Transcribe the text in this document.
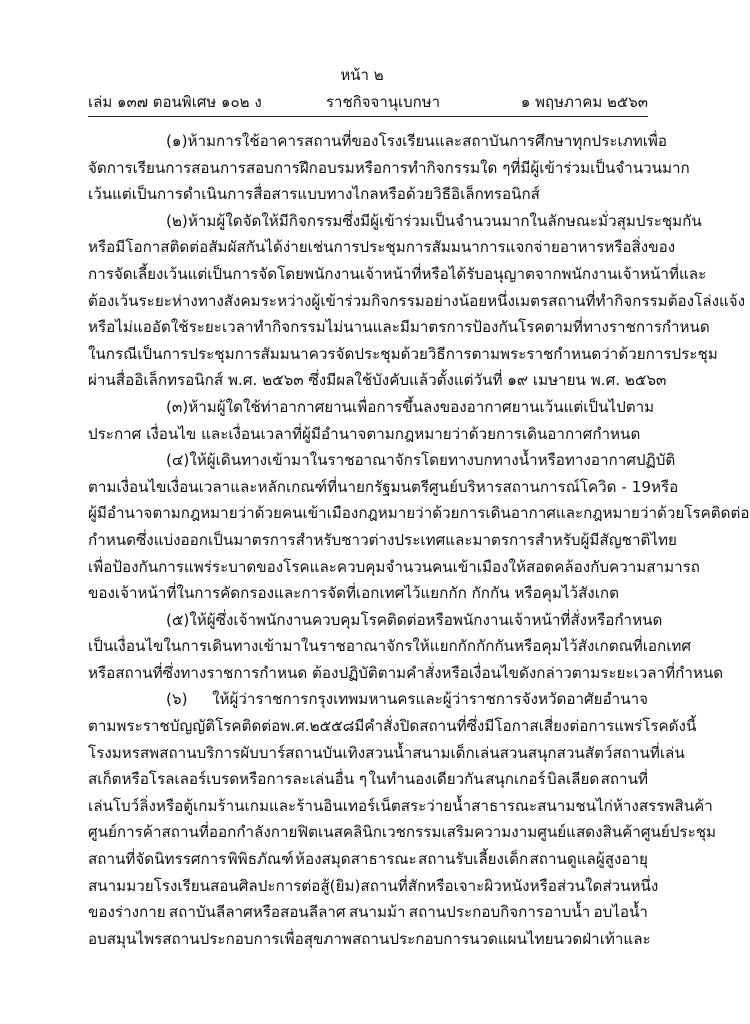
หน้า ๒
เล่ม ๑๓๗ ตอนพิเศษ ๑๐๒ ง	ราชกิจจานุเบกษา	๑ พฤษภาคม ๒๕๖๓
(๑) ห้ามการใช้อาคารสถานที่ของโรงเรียนและสถาบันการศึกษาทุกประเภทเพื่อ
จัดการเรียนการสอน การสอบ การฝึกอบรม หรือการทำกิจกรรมใด ๆ ที่มีผู้เข้าร่วมเป็นจำนวนมาก
เว้นแต่เป็นการดำเนินการสื่อสารแบบทางไกลหรือด้วยวิธีอิเล็กทรอนิกส์
(๒) ห้ามผู้ใดจัดให้มีกิจกรรมซึ่งมีผู้เข้าร่วมเป็นจำนวนมากในลักษณะมั่วสุมประชุมกัน
หรือมีโอกาสติดต่อสัมผัสกันได้ง่าย เช่น การประชุม การสัมมนา การแจกจ่ายอาหารหรือสิ่งของ
การจัดเลี้ยง เว้นแต่เป็นการจัดโดยพนักงานเจ้าหน้าที่หรือได้รับอนุญาตจากพนักงานเจ้าหน้าที่และ
ต้องเว้นระยะห่างทางสังคมระหว่างผู้เข้าร่วมกิจกรรมอย่างน้อยหนึ่งเมตร สถานที่ทำกิจกรรมต้องโล่งแจ้ง
หรือไม่แออัด ใช้ระยะเวลาทำกิจกรรมไม่นาน และมีมาตรการป้องกันโรคตามที่ทางราชการกำหนด
ในกรณีเป็นการประชุม การสัมมนา ควรจัดประชุมด้วยวิธีการตามพระราชกำหนดว่าด้วยการประชุม
ผ่านสื่ออิเล็กทรอนิกส์ พ.ศ. ๒๕๖๓ ซึ่งมีผลใช้บังคับแล้วตั้งแต่วันที่ ๑๙ เมษายน พ.ศ. ๒๕๖๓
(๓) ห้ามผู้ใดใช้ท่าอากาศยานเพื่อการขึ้นลงของอากาศยานเว้นแต่เป็นไปตาม
ประกาศ เงื่อนไข และเงื่อนเวลาที่ผู้มีอำนาจตามกฎหมายว่าด้วยการเดินอากาศกำหนด
(๔) ให้ผู้เดินทางเข้ามาในราชอาณาจักรโดยทางบก ทางน้ำหรือทางอากาศ ปฏิบัติ
ตามเงื่อนไข เงื่อนเวลา และหลักเกณฑ์ที่นายกรัฐมนตรี ศูนย์บริหารสถานการณ์โควิด - 19 หรือ
ผู้มีอำนาจตามกฎหมายว่าด้วยคนเข้าเมือง กฎหมายว่าด้วยการเดินอากาศและกฎหมายว่าด้วยโรคติดต่อ
กำหนดซึ่งแบ่งออกเป็นมาตรการสำหรับชาวต่างประเทศ และมาตรการสำหรับผู้มีสัญชาติไทย
เพื่อป้องกันการแพร่ระบาดของโรค และควบคุมจำนวนคนเข้าเมืองให้สอดคล้องกับความสามารถ
ของเจ้าหน้าที่ในการคัดกรองและการจัดที่เอกเทศไว้แยกกัก กักกัน หรือคุมไว้สังเกต
(๕) ให้ผู้ซึ่งเจ้าพนักงานควบคุมโรคติดต่อหรือพนักงานเจ้าหน้าที่ สั่งหรือกำหนด
เป็นเงื่อนไขในการเดินทางเข้ามาในราชอาณาจักรให้แยกกัก กักกัน หรือคุมไว้สังเกต ณ ที่เอกเทศ
หรือสถานที่ซึ่งทางราชการกำหนด ต้องปฏิบัติตามคำสั่งหรือเงื่อนไขดังกล่าวตามระยะเวลาที่กำหนด
(๖) ให้ผู้ว่าราชการกรุงเทพมหานครและผู้ว่าราชการจังหวัดอาศัยอำนาจ
ตามพระราชบัญญัติโรคติดต่อ พ.ศ. ๒๕๕๘ มีคำสั่งปิดสถานที่ซึ่งมีโอกาสเสี่ยงต่อการแพร่โรคดังนี้
โรงมหรสพ สถานบริการ ผับ บาร์ สถานบันเทิง สวนน้ำ สนามเด็กเล่น สวนสนุก สวนสัตว์ สถานที่เล่น
สเก็ตหรือโรลเลอร์เบรดหรือการละเล่นอื่น ๆ ในทำนองเดียวกัน สนุกเกอร์ บิลเลียด สถานที่
เล่นโบว์ลิ่งหรือตู้เกม ร้านเกมและร้านอินเทอร์เน็ต สระว่ายน้ำสาธารณะ สนามชนไก่ ห้างสรรพสินค้า
ศูนย์การค้า สถานที่ออกกำลังกายฟิตเนส คลินิกเวชกรรมเสริมความงาม ศูนย์แสดงสินค้า ศูนย์ประชุม
สถานที่จัดนิทรรศการ พิพิธภัณฑ์ ห้องสมุดสาธารณะ สถานรับเลี้ยงเด็ก สถานดูแลผู้สูงอายุ
สนามมวย โรงเรียนสอนศิลปะการต่อสู้ (ยิม) สถานที่สักหรือเจาะผิวหนังหรือส่วนใดส่วนหนึ่ง
ของร่างกาย สถาบันลีลาศหรือสอนลีลาศ สนามม้า สถานประกอบกิจการอาบน้ำ อบไอน้ำ
อบสมุนไพร สถานประกอบการเพื่อสุขภาพ สถานประกอบการนวดแผนไทย นวดฝ่าเท้าและ
